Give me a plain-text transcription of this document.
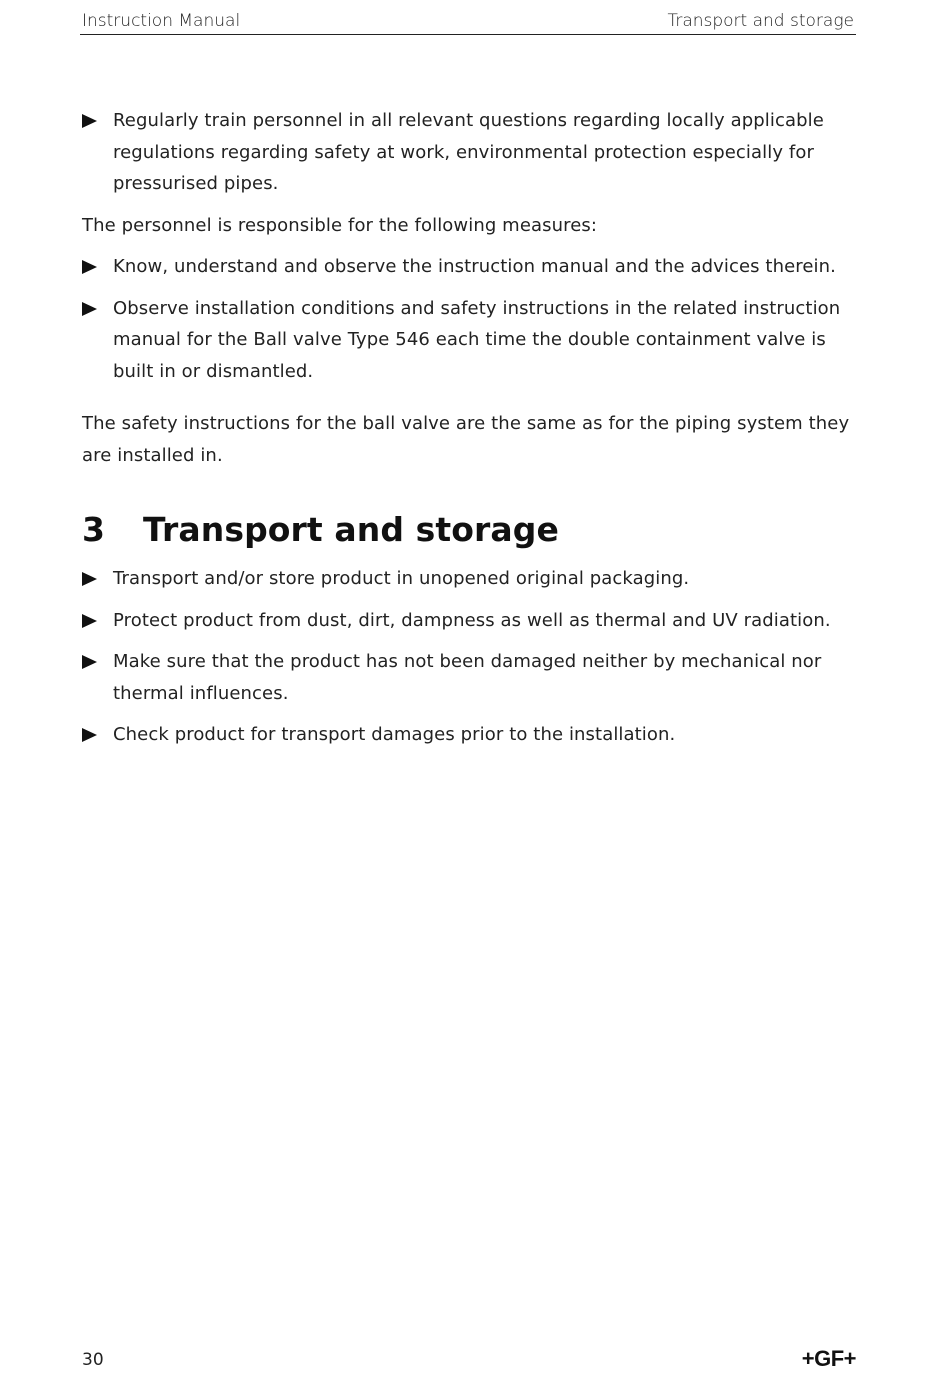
Instruction Manual	Transport and storage
Regularly train personnel in all relevant questions regarding locally applicable regulations regarding safety at work, environmental protection especially for pressurised pipes.

The personnel is responsible for the following measures:

Know, understand and observe the instruction manual and the advices therein.
Observe installation conditions and safety instructions in the related instruction manual for the Ball valve Type 546 each time the double containment valve is built in or dismantled.

The safety instructions for the ball valve are the same as for the piping system they are installed in.

3 Transport and storage
Transport and/or store product in unopened original packaging.
Protect product from dust, dirt, dampness as well as thermal and UV radiation.
Make sure that the product has not been damaged neither by mechanical nor thermal influences.
Check product for transport damages prior to the installation.
30	+GF+
